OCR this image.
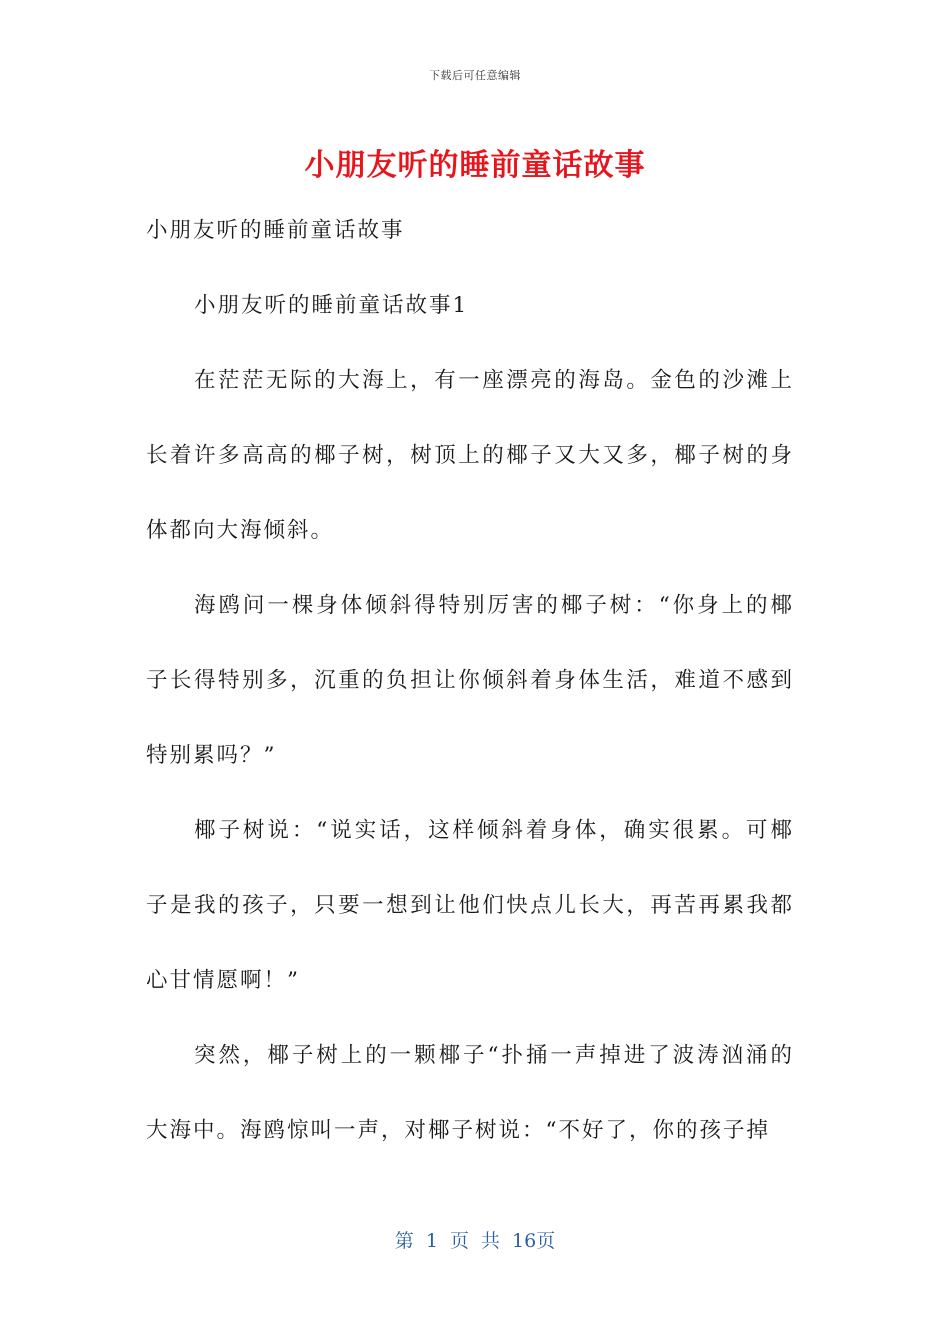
下载后可任意编辑
小朋友听的睡前童话故事

小朋友听的睡前童话故事

小朋友听的睡前童话故事1

在茫茫无际的大海上，有一座漂亮的海岛。金色的沙滩上长着许多高高的椰子树，树顶上的椰子又大又多，椰子树的身体都向大海倾斜。

海鸥问一棵身体倾斜得特别厉害的椰子树：“你身上的椰子长得特别多，沉重的负担让你倾斜着身体生活，难道不感到特别累吗？”

椰子树说：“说实话，这样倾斜着身体，确实很累。可椰子是我的孩子，只要一想到让他们快点儿长大，再苦再累我都心甘情愿啊！”

突然，椰子树上的一颗椰子“扑捅一声掉进了波涛汹涌的大海中。海鸥惊叫一声，对椰子树说：“不好了，你的孩子掉

第 1 页 共 16页
